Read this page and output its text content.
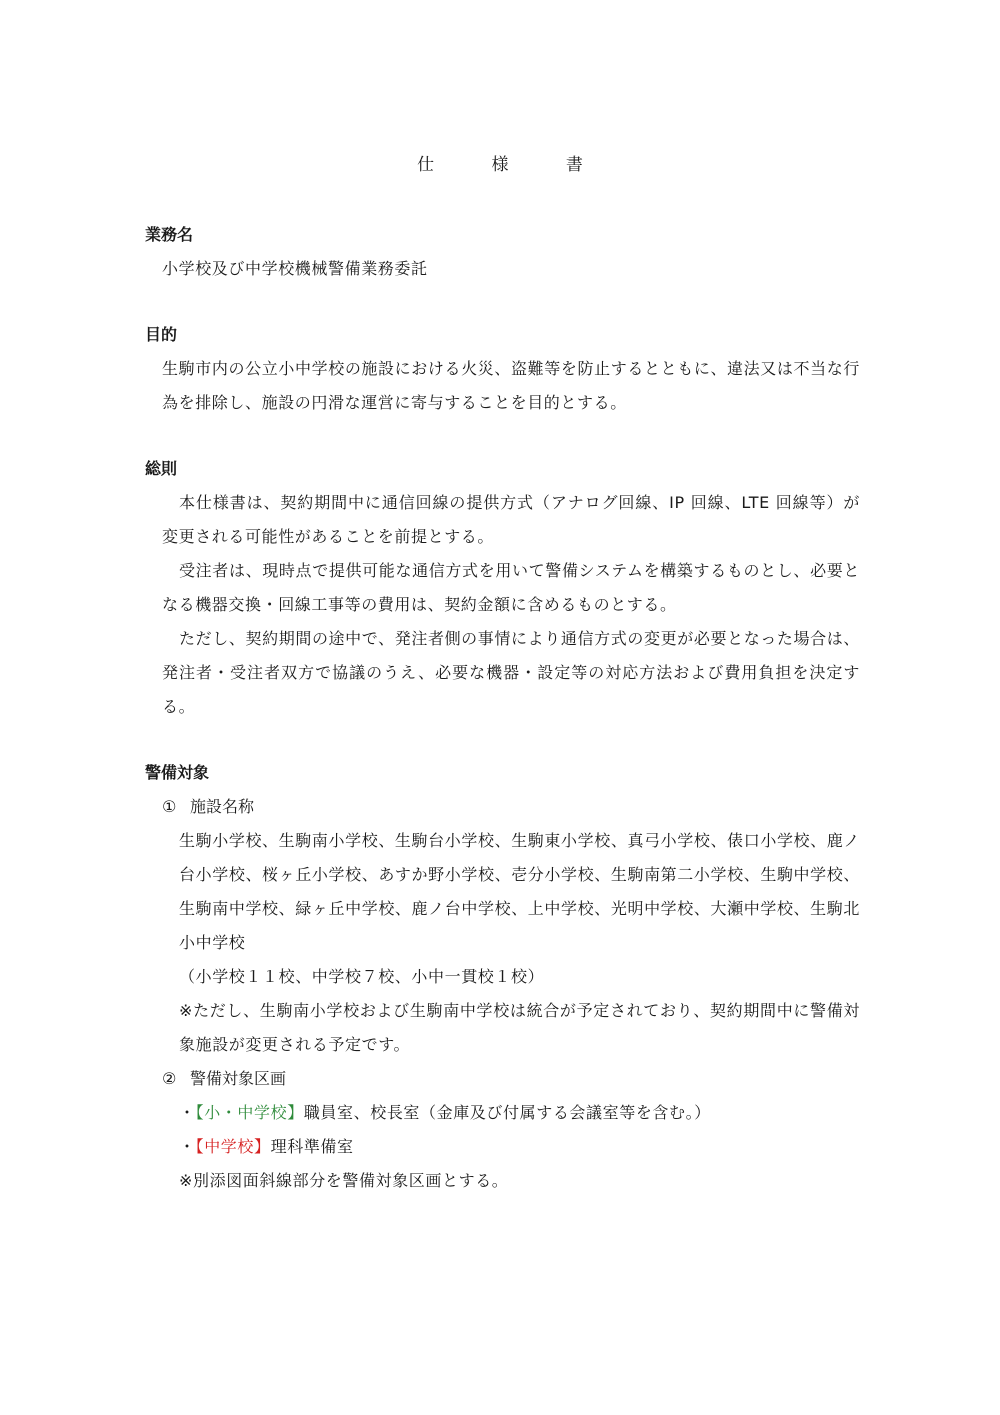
仕	様	書

業務名

小学校及び中学校機械警備業務委託

目的

生駒市内の公立小中学校の施設における火災、盗難等を防止するとともに、違法又は不当な行為を排除し、施設の円滑な運営に寄与することを目的とする。

総則

本仕様書は、契約期間中に通信回線の提供方式（アナログ回線、IP 回線、LTE 回線等）が変更される可能性があることを前提とする。

受注者は、現時点で提供可能な通信方式を用いて警備システムを構築するものとし、必要となる機器交換・回線工事等の費用は、契約金額に含めるものとする。

ただし、契約期間の途中で、発注者側の事情により通信方式の変更が必要となった場合は、発注者・受注者双方で協議のうえ、必要な機器・設定等の対応方法および費用負担を決定する。

警備対象

① 施設名称

生駒小学校、生駒南小学校、生駒台小学校、生駒東小学校、真弓小学校、俵口小学校、鹿ノ台小学校、桜ヶ丘小学校、あすか野小学校、壱分小学校、生駒南第二小学校、生駒中学校、生駒南中学校、緑ヶ丘中学校、鹿ノ台中学校、上中学校、光明中学校、大瀬中学校、生駒北小中学校

（小学校１１校、中学校７校、小中一貫校１校）

※ただし、生駒南小学校および生駒南中学校は統合が予定されており、契約期間中に警備対象施設が変更される予定です。

② 警備対象区画

・【小・中学校】職員室、校長室（金庫及び付属する会議室等を含む。）

・【中学校】理科準備室

※別添図面斜線部分を警備対象区画とする。
